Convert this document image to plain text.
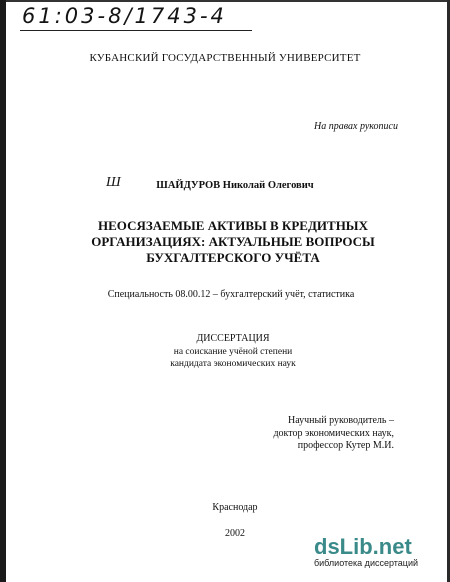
61:03-8/1743-4
КУБАНСКИЙ ГОСУДАРСТВЕННЫЙ УНИВЕРСИТЕТ
На правах рукописи
Ш	ШАЙДУРОВ Николай Олегович
НЕОСЯЗАЕМЫЕ АКТИВЫ В КРЕДИТНЫХ
ОРГАНИЗАЦИЯХ: АКТУАЛЬНЫЕ ВОПРОСЫ
БУХГАЛТЕРСКОГО УЧЁТА
Специальность 08.00.12 – бухгалтерский учёт, статистика
ДИССЕРТАЦИЯ
на соискание учёной степени
кандидата экономических наук
Научный руководитель –
доктор экономических наук,
профессор Кутер М.И.
Краснодар
2002
dsLib.net
библиотека диссертаций
